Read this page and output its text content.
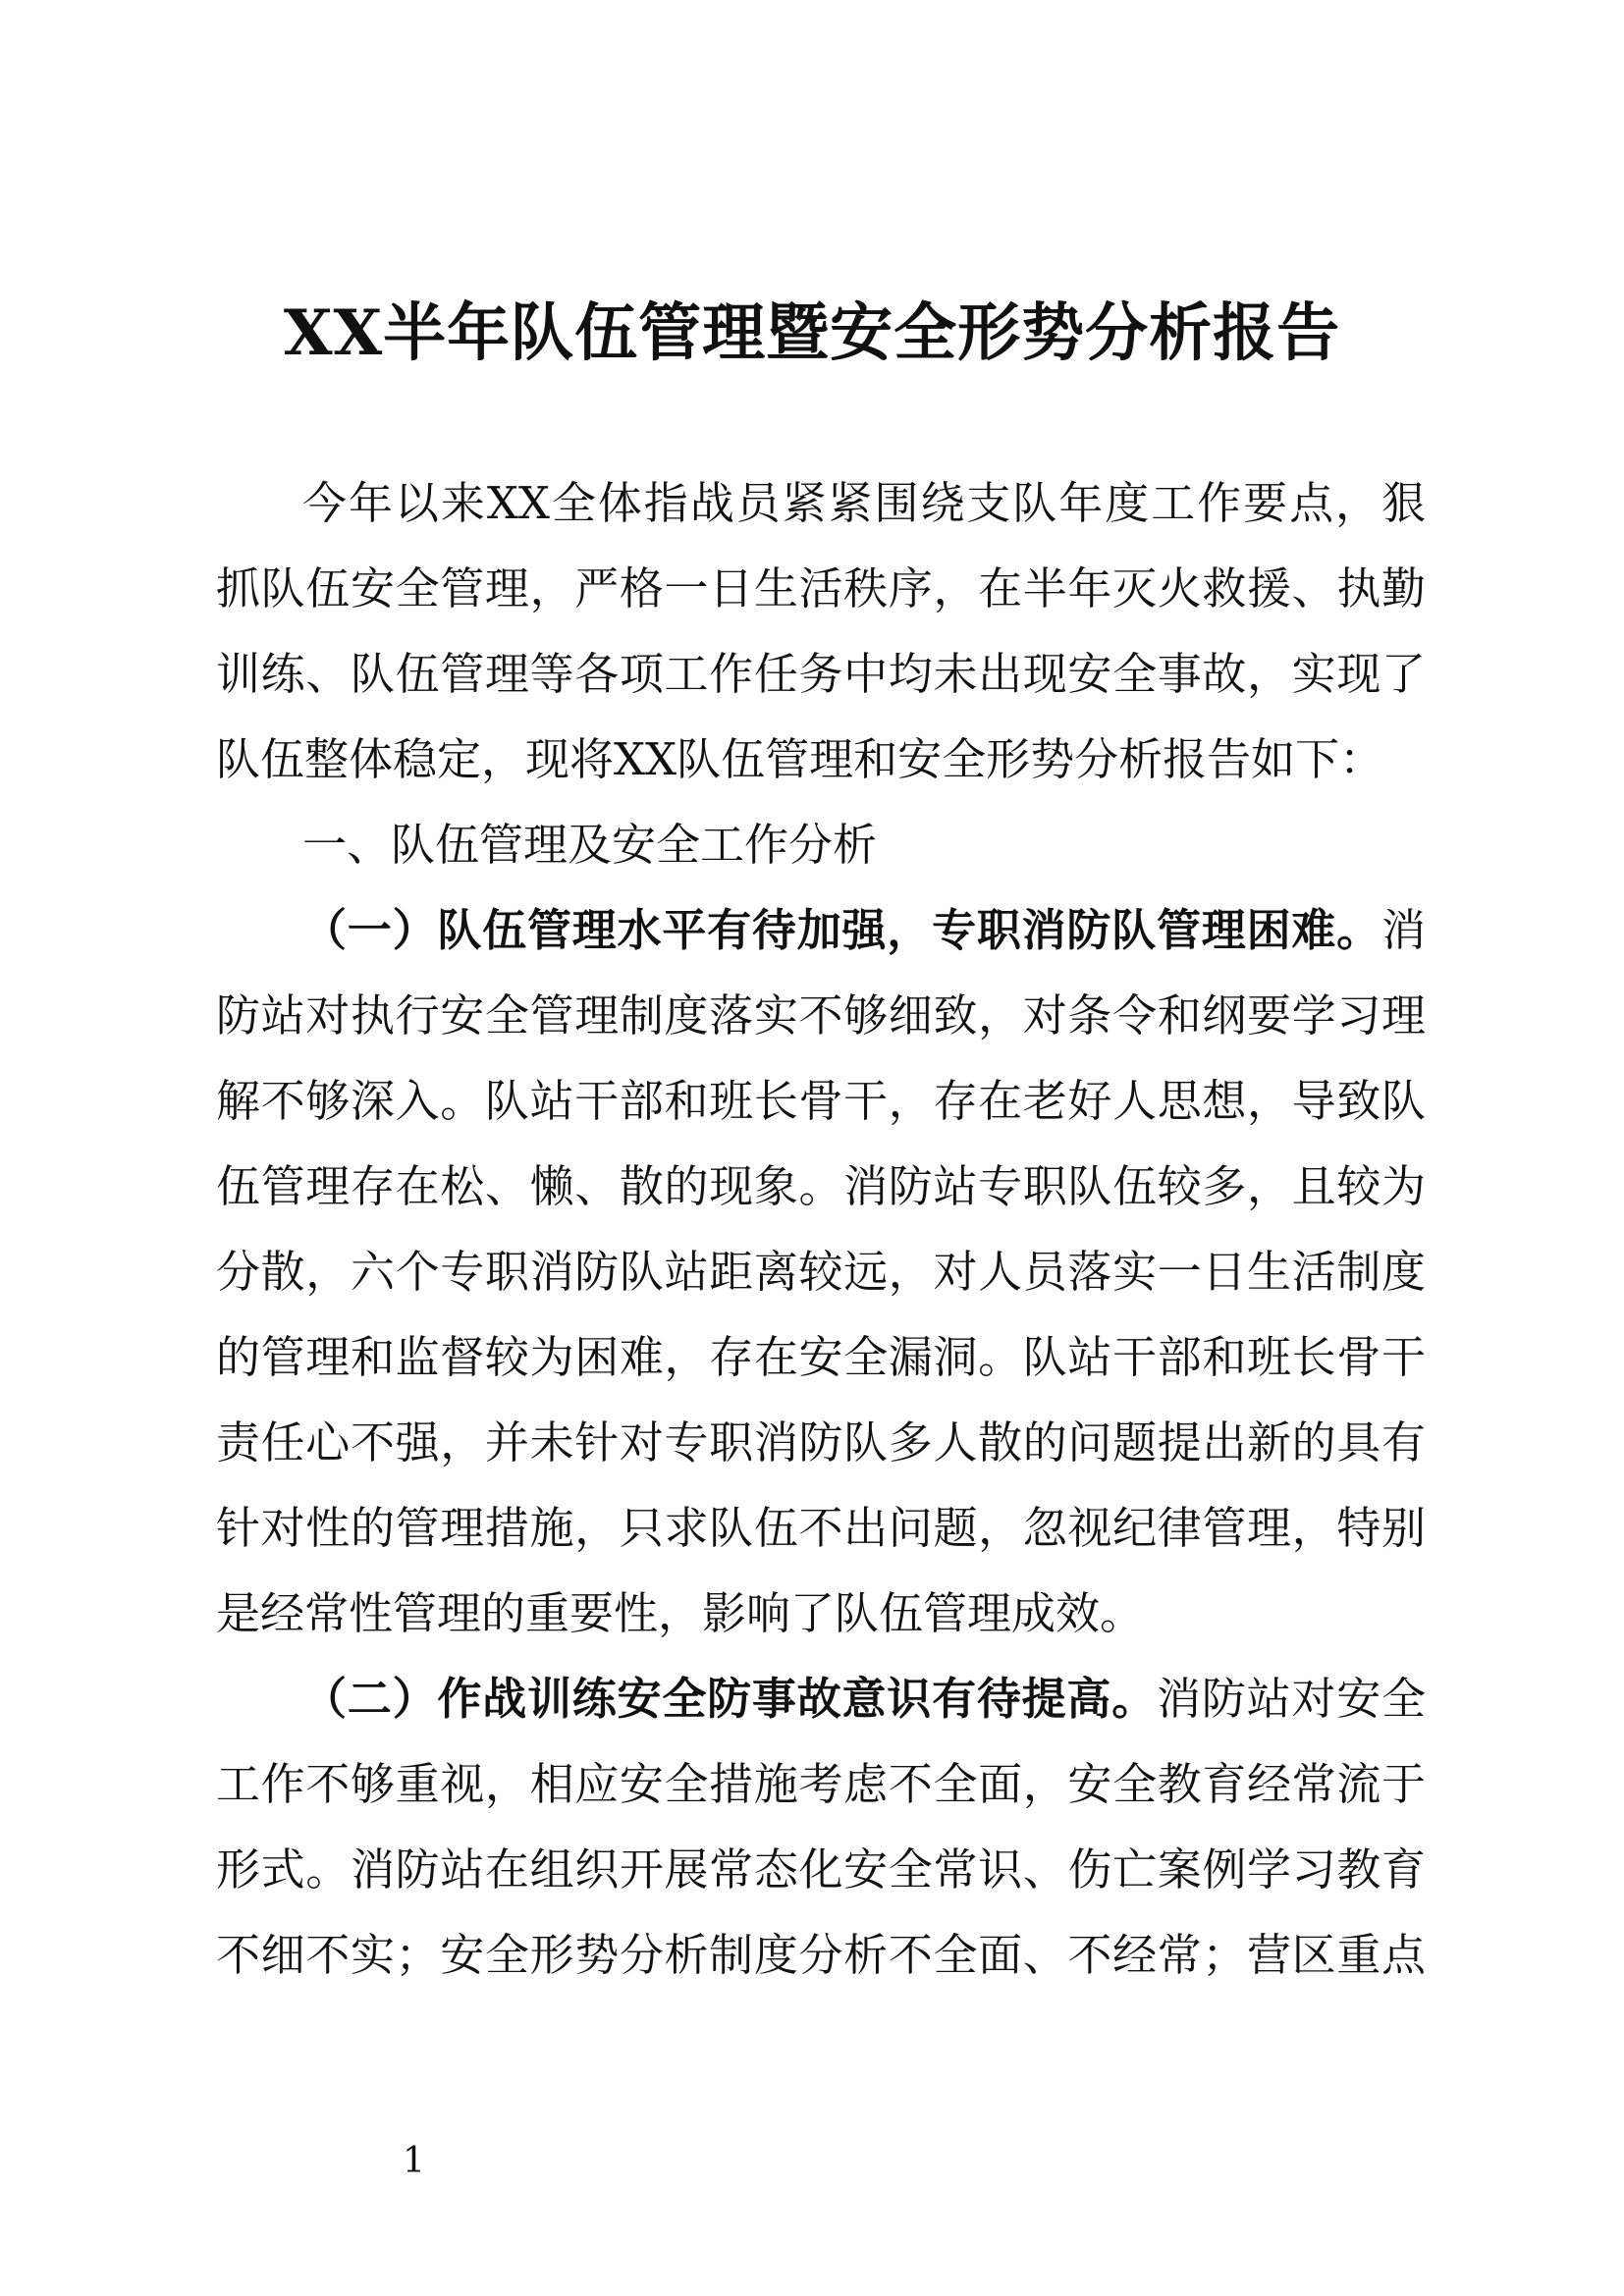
XX半年队伍管理暨安全形势分析报告

今年以来XX全体指战员紧紧围绕支队年度工作要点，狠

抓队伍安全管理，严格一日生活秩序，在半年灭火救援、执勤

训练、队伍管理等各项工作任务中均未出现安全事故，实现了

队伍整体稳定，现将XX队伍管理和安全形势分析报告如下：

一、队伍管理及安全工作分析

（一）队伍管理水平有待加强，专职消防队管理困难。消

防站对执行安全管理制度落实不够细致，对条令和纲要学习理

解不够深入。队站干部和班长骨干，存在老好人思想，导致队

伍管理存在松、懒、散的现象。消防站专职队伍较多，且较为

分散，六个专职消防队站距离较远，对人员落实一日生活制度

的管理和监督较为困难，存在安全漏洞。队站干部和班长骨干

责任心不强，并未针对专职消防队多人散的问题提出新的具有

针对性的管理措施，只求队伍不出问题，忽视纪律管理，特别

是经常性管理的重要性，影响了队伍管理成效。

（二）作战训练安全防事故意识有待提高。消防站对安全

工作不够重视，相应安全措施考虑不全面，安全教育经常流于

形式。消防站在组织开展常态化安全常识、伤亡案例学习教育

不细不实；安全形势分析制度分析不全面、不经常；营区重点

1
